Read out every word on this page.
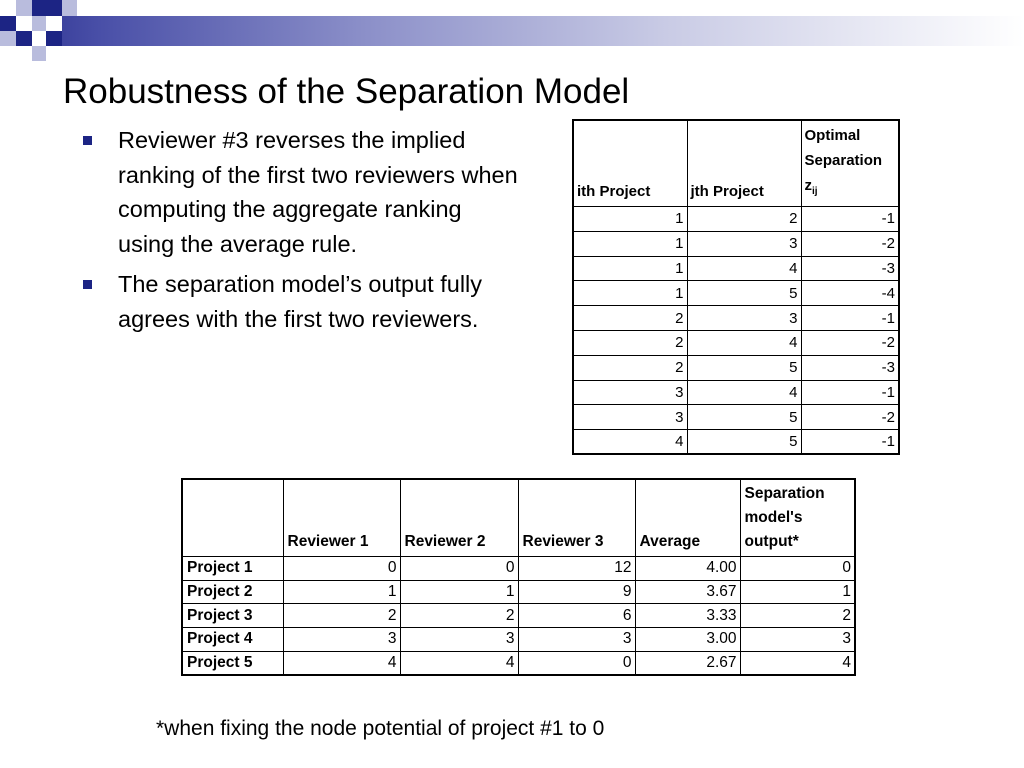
Robustness of the Separation Model
Reviewer #3 reverses the implied ranking of the first two reviewers when computing the aggregate ranking using the average rule.
The separation model’s output fully agrees with the first two reviewers.
ith Project	jth Project	Optimal Separation
$z_{ij}$
1	2	-1
1	3	-2
1	4	-3
1	5	-4
2	3	-1
2	4	-2
2	5	-3
3	4	-1
3	5	-2
4	5	-1
	Reviewer 1	Reviewer 2	Reviewer 3	Average	Separation model's output*
Project 1	0	0	12	4.00	0
Project 2	1	1	9	3.67	1
Project 3	2	2	6	3.33	2
Project 4	3	3	3	3.00	3
Project 5	4	4	0	2.67	4
*when fixing the node potential of project #1 to 0
